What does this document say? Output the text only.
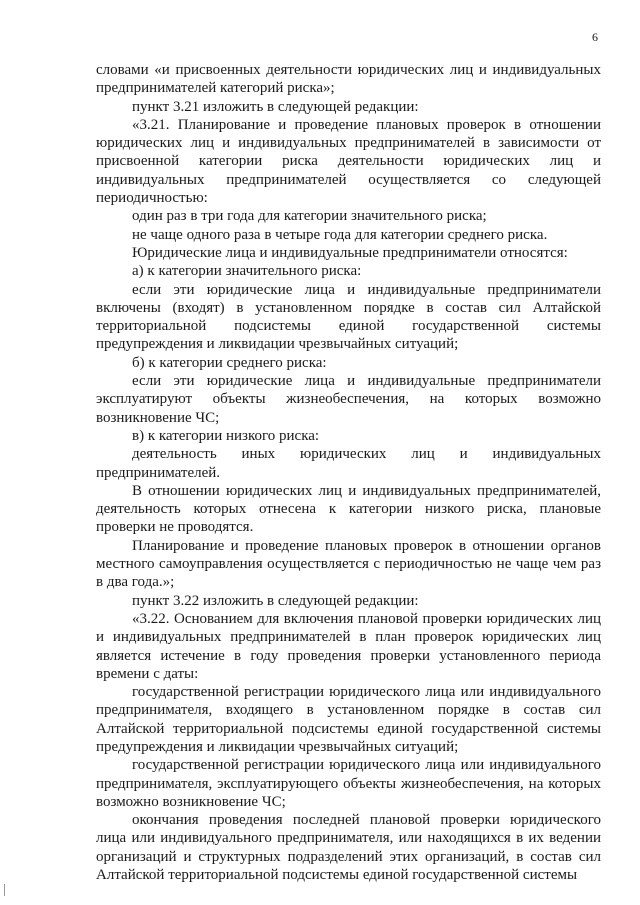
6

словами «и присвоенных деятельности юридических лиц и индивидуальных предпринимателей категорий риска»;

пункт 3.21 изложить в следующей редакции:

«3.21. Планирование и проведение плановых проверок в отношении юридических лиц и индивидуальных предпринимателей в зависимости от присвоенной категории риска деятельности юридических лиц и индивидуальных предпринимателей осуществляется со следующей периодичностью:

один раз в три года для категории значительного риска;

не чаще одного раза в четыре года для категории среднего риска.

Юридические лица и индивидуальные предприниматели относятся:

а) к категории значительного риска:

если эти юридические лица и индивидуальные предприниматели включены (входят) в установленном порядке в состав сил Алтайской территориальной подсистемы единой государственной системы предупреждения и ликвидации чрезвычайных ситуаций;

б) к категории среднего риска:

если эти юридические лица и индивидуальные предприниматели эксплуатируют объекты жизнеобеспечения, на которых возможно возникновение ЧС;

в) к категории низкого риска:

деятельность иных юридических лиц и индивидуальных предпринимателей.

В отношении юридических лиц и индивидуальных предпринимателей, деятельность которых отнесена к категории низкого риска, плановые проверки не проводятся.

Планирование и проведение плановых проверок в отношении органов местного самоуправления осуществляется с периодичностью не чаще чем раз в два года.»;

пункт 3.22 изложить в следующей редакции:

«3.22. Основанием для включения плановой проверки юридических лиц и индивидуальных предпринимателей в план проверок юридических лиц является истечение в году проведения проверки установленного периода времени с даты:

государственной регистрации юридического лица или индивидуального предпринимателя, входящего в установленном порядке в состав сил Алтайской территориальной подсистемы единой государственной системы предупреждения и ликвидации чрезвычайных ситуаций;

государственной регистрации юридического лица или индивидуального предпринимателя, эксплуатирующего объекты жизнеобеспечения, на которых возможно возникновение ЧС;

окончания проведения последней плановой проверки юридического лица или индивидуального предпринимателя, или находящихся в их ведении организаций и структурных подразделений этих организаций, в состав сил Алтайской территориальной подсистемы единой государственной системы
